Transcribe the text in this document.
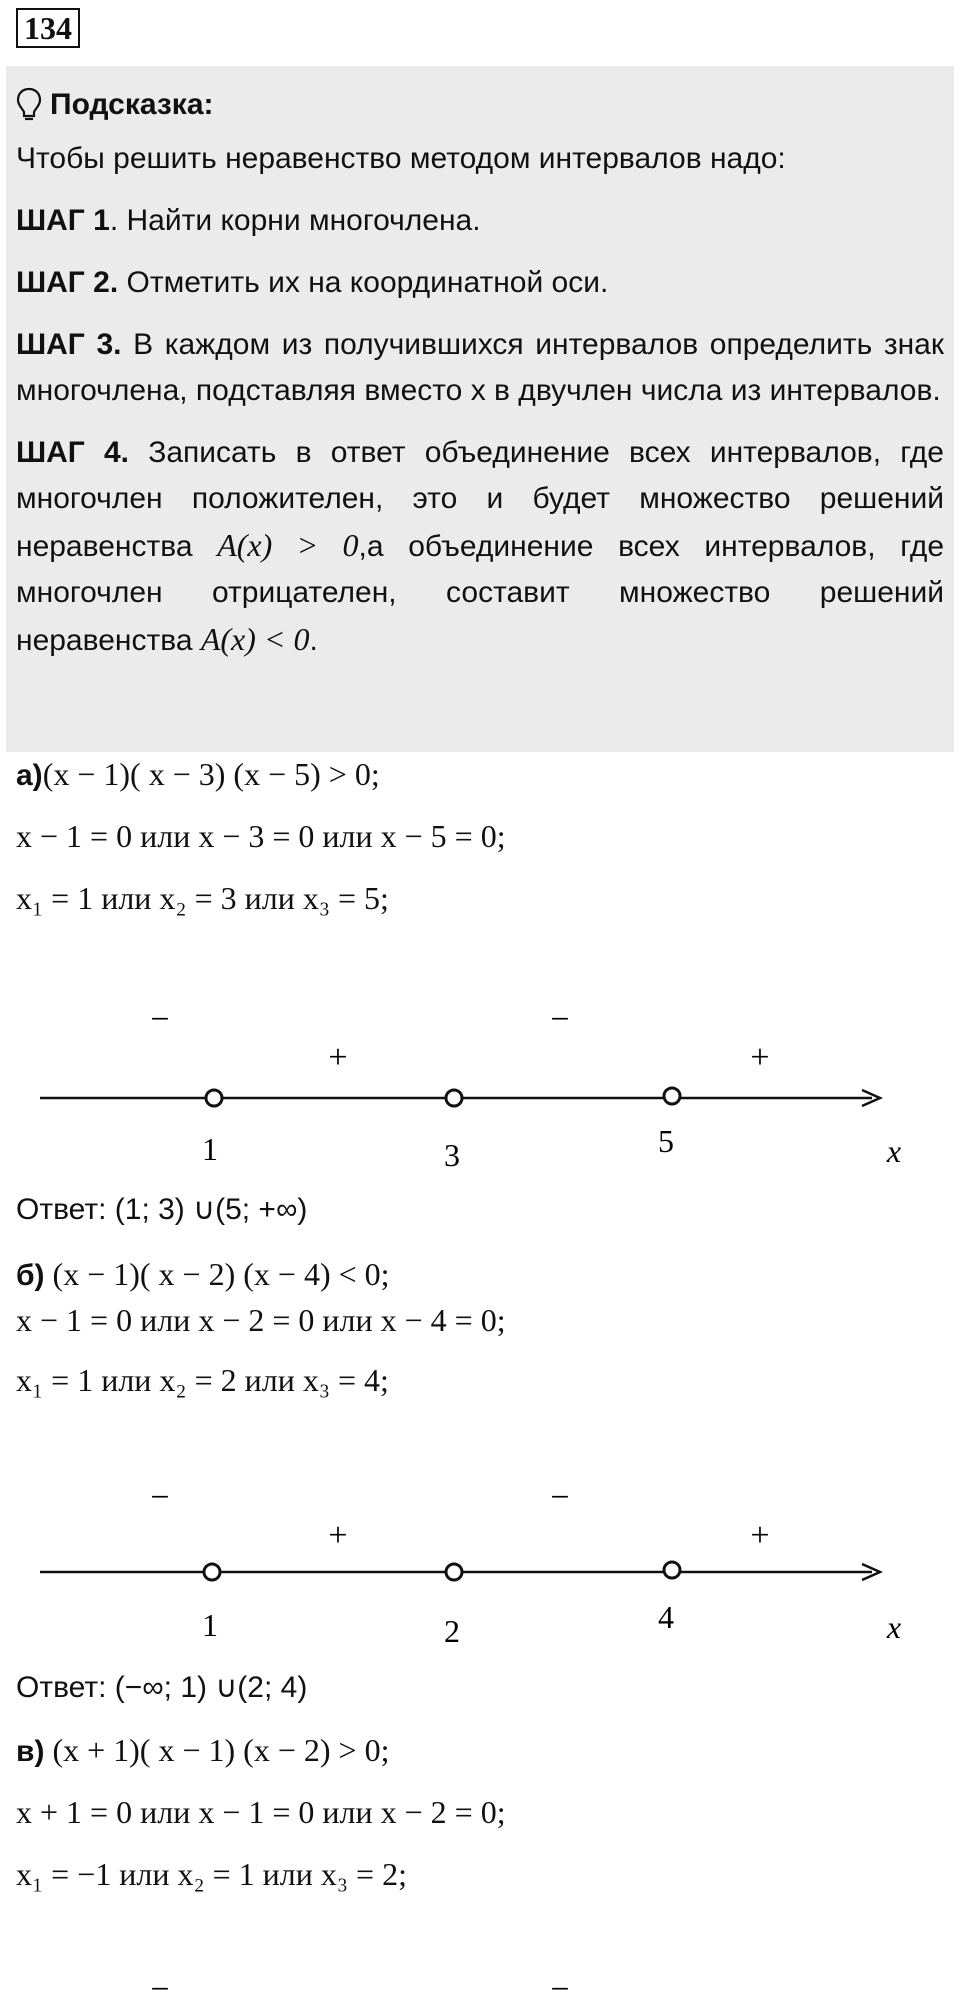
134
Подсказка:

Чтобы решить неравенство методом интервалов надо:

ШАГ 1. Найти корни многочлена.

ШАГ 2. Отметить их на координатной оси.

ШАГ 3. В каждом из получившихся интервалов определить знак многочлена, подставляя вместо x в двучлен числа из интервалов.

ШАГ 4. Записать в ответ объединение всех интервалов, где многочлен положителен, это и будет множество решений неравенства A(x) > 0,а объединение всех интервалов, где многочлен отрицателен, составит множество решений неравенства A(x) < 0.

а)(x − 1)( x − 3) (x − 5) > 0;
x − 1 = 0 или x − 3 = 0 или x − 5 = 0;
x₁ = 1 или x₂ = 3 или x₃ = 5;
−
+
−
+
1	3	5	x
Ответ: (1; 3) ∪(5; +∞)
б) (x − 1)( x − 2) (x − 4) < 0;
x − 1 = 0 или x − 2 = 0 или x − 4 = 0;
x₁ = 1 или x₂ = 2 или x₃ = 4;
−
+
−
+
1	2	4	x
Ответ: (−∞; 1) ∪(2; 4)
в) (x + 1)( x − 1) (x − 2) > 0;
x + 1 = 0 или x − 1 = 0 или x − 2 = 0;
x₁ = −1 или x₂ = 1 или x₃ = 2;
−	−
